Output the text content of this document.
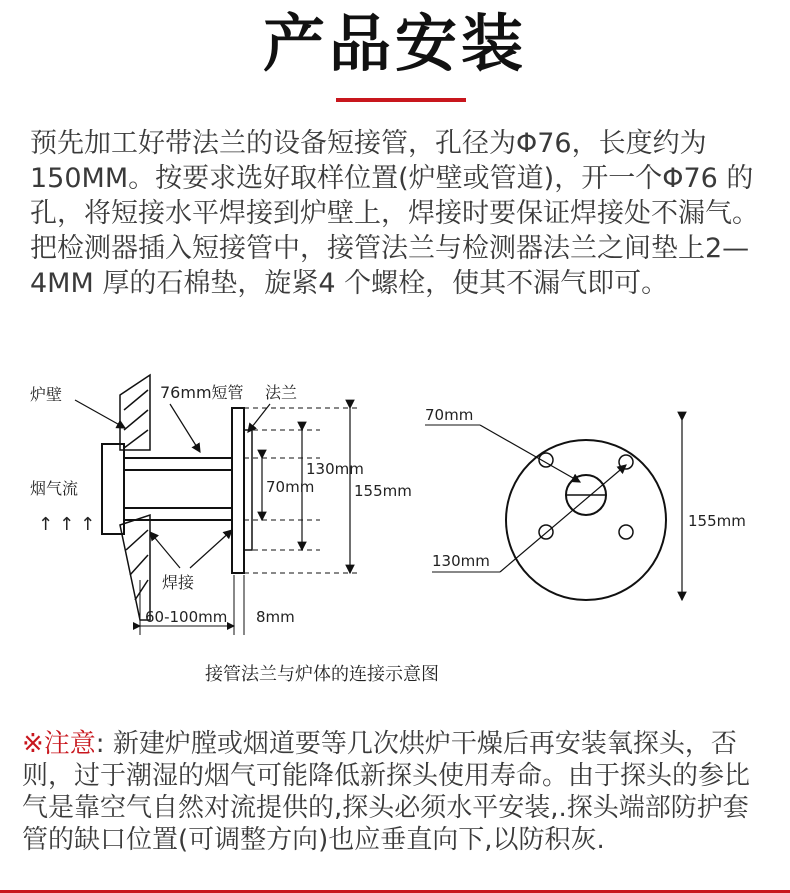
产品安装

预先加工好带法兰的设备短接管，孔径为Φ76，长度约为150MM。按要求选好取样位置(炉壁或管道)，开一个Φ76 的孔，将短接水平焊接到炉壁上，焊接时要保证焊接处不漏气。把检测器插入短接管中，接管法兰与检测器法兰之间垫上2—4MM 厚的石棉垫，旋紧4 个螺栓，使其不漏气即可。

130mm
70mm	155mm
炉壁	76mm短管 法兰
烟气流
↑↑↑
焊接
60-100mm 8mm
70mm
130mm
155mm
接管法兰与炉体的连接示意图

※注意: 新建炉膛或烟道要等几次烘炉干燥后再安装氧探头，否则，过于潮湿的烟气可能降低新探头使用寿命。由于探头的参比气是靠空气自然对流提供的,探头必须水平安装,.探头端部防护套管的缺口位置(可调整方向)也应垂直向下,以防积灰.
